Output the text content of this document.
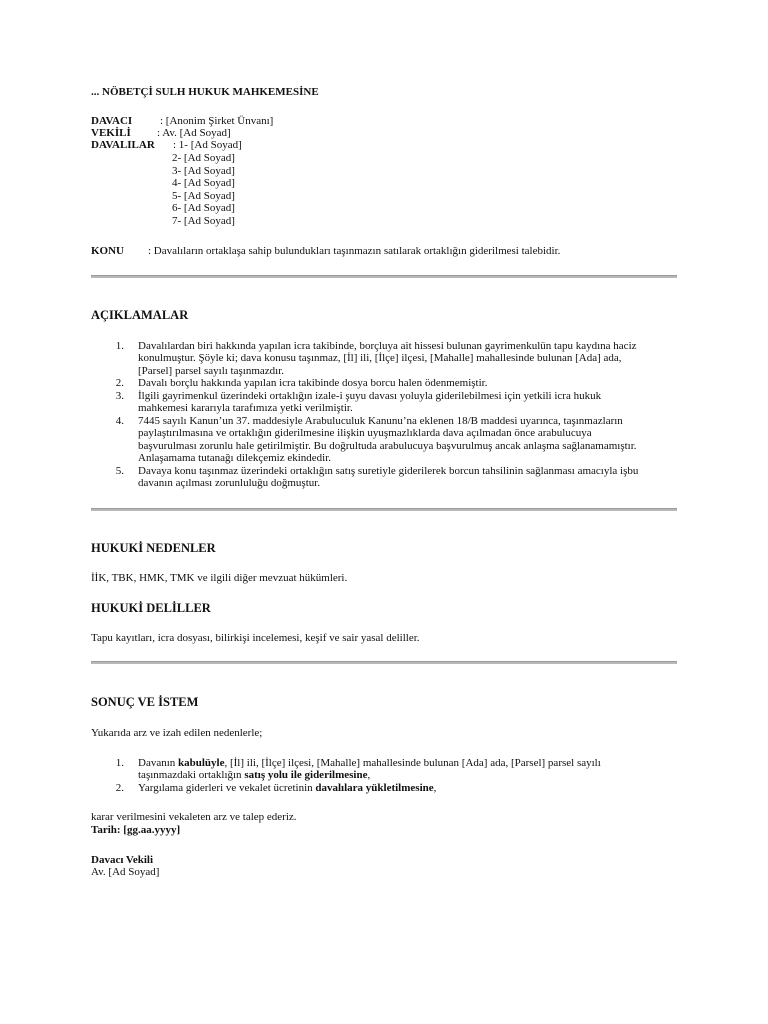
... NÖBETÇİ SULH HUKUK MAHKEMESİNE
DAVACI	: [Anonim Şirket Ünvanı]
VEKİLİ : Av. [Ad Soyad]
DAVALILAR : 1- [Ad Soyad]
2- [Ad Soyad]
3- [Ad Soyad]
4- [Ad Soyad]
5- [Ad Soyad]
6- [Ad Soyad]
7- [Ad Soyad]
KONU : Davalıların ortaklaşa sahip bulundukları taşınmazın satılarak ortaklığın giderilmesi talebidir.
AÇIKLAMALAR
1. Davalılardan biri hakkında yapılan icra takibinde, borçluya ait hissesi bulunan gayrimenkulün tapu kaydına haciz
konulmuştur. Şöyle ki; dava konusu taşınmaz, [İl] ili, [İlçe] ilçesi, [Mahalle] mahallesinde bulunan [Ada] ada,
[Parsel] parsel sayılı taşınmazdır.
2. Davalı borçlu hakkında yapılan icra takibinde dosya borcu halen ödenmemiştir.
3. İlgili gayrimenkul üzerindeki ortaklığın izale-i şuyu davası yoluyla giderilebilmesi için yetkili icra hukuk
mahkemesi kararıyla tarafımıza yetki verilmiştir.
4. 7445 sayılı Kanun’un 37. maddesiyle Arabuluculuk Kanunu’na eklenen 18/B maddesi uyarınca, taşınmazların
paylaştırılmasına ve ortaklığın giderilmesine ilişkin uyuşmazlıklarda dava açılmadan önce arabulucuya
başvurulması zorunlu hale getirilmiştir. Bu doğrultuda arabulucuya başvurulmuş ancak anlaşma sağlanamamıştır.
Anlaşamama tutanağı dilekçemiz ekindedir.
5. Davaya konu taşınmaz üzerindeki ortaklığın satış suretiyle giderilerek borcun tahsilinin sağlanması amacıyla işbu
davanın açılması zorunluluğu doğmuştur.
HUKUKİ NEDENLER
İİK, TBK, HMK, TMK ve ilgili diğer mevzuat hükümleri.
HUKUKİ DELİLLER
Tapu kayıtları, icra dosyası, bilirkişi incelemesi, keşif ve sair yasal deliller.
SONUÇ VE İSTEM
Yukarıda arz ve izah edilen nedenlerle;
1. Davanın kabulüyle, [İl] ili, [İlçe] ilçesi, [Mahalle] mahallesinde bulunan [Ada] ada, [Parsel] parsel sayılı
taşınmazdaki ortaklığın satış yolu ile giderilmesine,
2. Yargılama giderleri ve vekalet ücretinin davalılara yükletilmesine,
karar verilmesini vekaleten arz ve talep ederiz.
Tarih: [gg.aa.yyyy]
Davacı Vekili
Av. [Ad Soyad]
